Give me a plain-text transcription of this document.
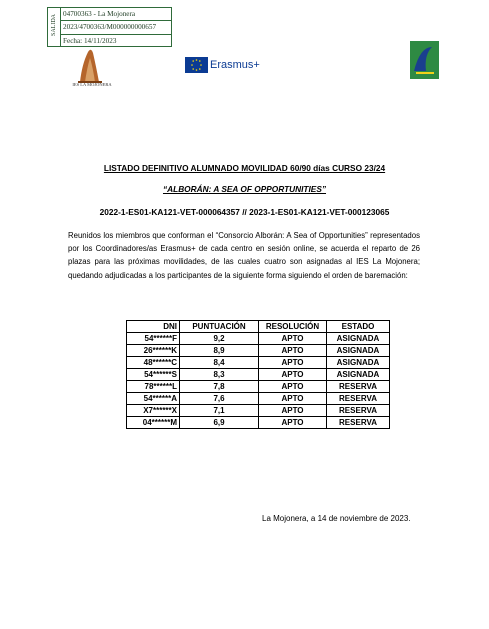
SALIDA 04700363 - La Mojonera
2023/4700363/M000000000657
Fecha: 14/11/2023
IES LA MOJONERA
Erasmus+
LISTADO DEFINITIVO ALUMNADO MOVILIDAD 60/90 días CURSO 23/24
“ALBORÁN: A SEA OF OPPORTUNITIES”
2022-1-ES01-KA121-VET-000064357 // 2023-1-ES01-KA121-VET-000123065
Reunidos los miembros que conforman el “Consorcio Alborán: A Sea of Opportunities” representados por los Coordinadores/as Erasmus+ de cada centro en sesión online, se acuerda el reparto de 26 plazas para las próximas movilidades, de las cuales cuatro son asignadas al IES La Mojonera; quedando adjudicadas a los participantes de la siguiente forma siguiendo el orden de baremación:
DNI	PUNTUACIÓN	RESOLUCIÓN	ESTADO
54******F	9,2	APTO	ASIGNADA
26******K	8,9	APTO	ASIGNADA
48******C	8,4	APTO	ASIGNADA
54******S	8,3	APTO	ASIGNADA
78******L	7,8	APTO	RESERVA
54******A	7,6	APTO	RESERVA
X7******X	7,1	APTO	RESERVA
04******M	6,9	APTO	RESERVA
La Mojonera, a 14 de noviembre de 2023.
